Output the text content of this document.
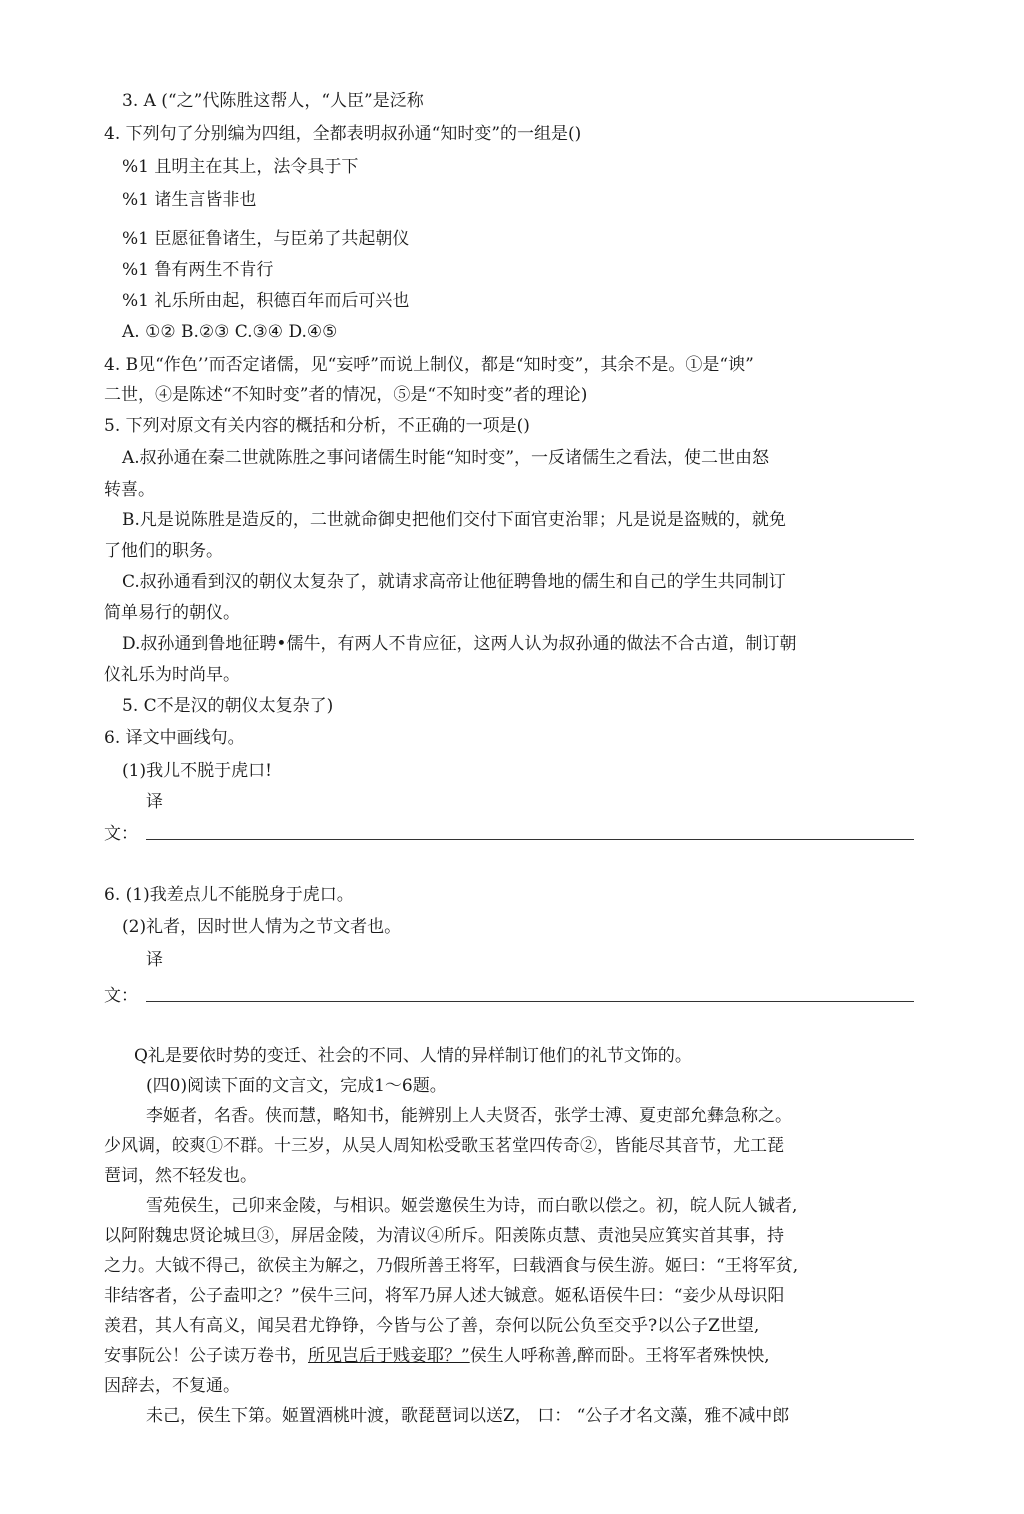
3. A (“之”代陈胜这帮人，“人臣”是泛称
4. 下列句了分别编为四组，全都表明叔孙通“知时变”的一组是()
%1 且明主在其上，法令具于下
%1 诸生言皆非也
%1 臣愿征鲁诸生，与臣弟了共起朝仪
%1 鲁有两生不肯行
%1 礼乐所由起，积德百年而后可兴也
A. ①② B.②③ C.③④ D.④⑤
4. B见“作色’’而否定诸儒，见“妄呼”而说上制仪，都是“知时变”，其余不是。①是“谀”
二世，④是陈述“不知时变”者的情况，⑤是“不知时变”者的理论)
5. 下列对原文有关内容的概括和分析，不正确的一项是()
A.叔孙通在秦二世就陈胜之事问诸儒生时能“知时变”，一反诸儒生之看法，使二世由怒
转喜。
B.凡是说陈胜是造反的，二世就命御史把他们交付下面官吏治罪；凡是说是盗贼的，就免
了他们的职务。
C.叔孙通看到汉的朝仪太复杂了，就请求高帝让他征聘鲁地的儒生和自己的学生共同制订
简单易行的朝仪。
D.叔孙通到鲁地征聘•儒牛，有两人不肯应征，这两人认为叔孙通的做法不合古道，制订朝
仪礼乐为时尚早。
5. C不是汉的朝仪太复杂了)
6. 译文中画线句。
(1)我儿不脱于虎口!
译
文：
6. (1)我差点儿不能脱身于虎口。
(2)礼者，因时世人情为之节文者也。
译
文：
Q礼是要依时势的变迁、社会的不同、人情的异样制订他们的礼节文饰的。
(四0)阅读下面的文言文，完成1～6题。
李姬者，名香。侠而慧，略知书，能辨别上人夫贤否，张学士溥、夏吏部允彝急称之。
少风调，皎爽①不群。十三岁，从吴人周知松受歌玉茗堂四传奇②，皆能尽其音节，尤工琵
琶词，然不轻发也。
雪苑侯生，己卯来金陵，与相识。姬尝邀侯生为诗，而白歌以偿之。初，皖人阮人铖者,
以阿附魏忠贤论城旦③，屏居金陵，为清议④所斥。阳羡陈贞慧、责池吴应箕实首其事，持
之力。大钺不得己，欲侯主为解之，乃假所善王将军，曰载酒食与侯生游。姬曰：“王将军贫,
非结客者，公子盍叩之？”侯牛三问，将军乃屏人述大铖意。姬私语侯牛曰：“妾少从母识阳
羡君，其人有高义，闻吴君尤铮铮，今皆与公了善，奈何以阮公负至交乎?以公子Z世望,
安事阮公！公子读万卷书，所见岂后于贱妾耶？”侯生人呼称善,醉而卧。王将军者殊怏怏,
因辞去，不复通。
未己，侯生下第。姬置酒桃叶渡，歌琵琶词以送Z， 口： “公子才名文藻，雅不减中郎
